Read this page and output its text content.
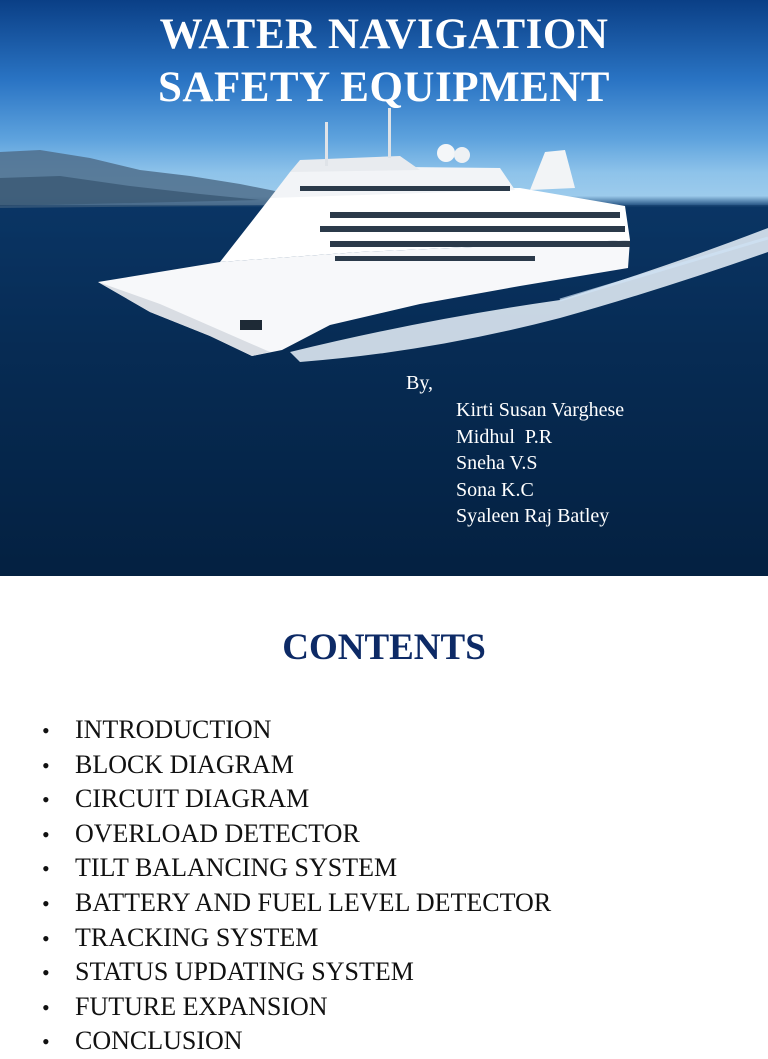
WATER NAVIGATION
SAFETY EQUIPMENT
By,
Kirti Susan Varghese
Midhul  P.R
Sneha V.S
Sona K.C
Syaleen Raj Batley
CONTENTS
• INTRODUCTION
• BLOCK DIAGRAM
• CIRCUIT DIAGRAM
• OVERLOAD DETECTOR
• TILT BALANCING SYSTEM
• BATTERY AND FUEL LEVEL DETECTOR
• TRACKING SYSTEM
• STATUS UPDATING SYSTEM
• FUTURE EXPANSION
• CONCLUSION
